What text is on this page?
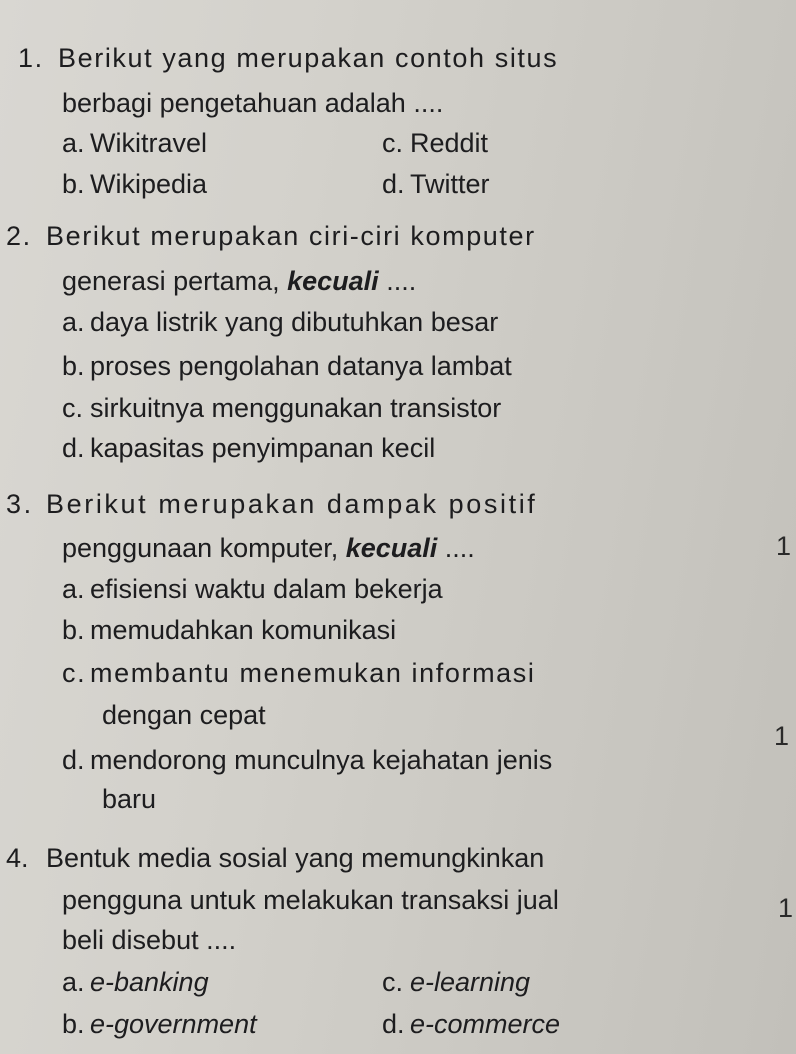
1. Berikut yang merupakan contoh situs
berbagi pengetahuan adalah ....
a. Wikitravel	c. Reddit
b. Wikipedia	d. Twitter
2. Berikut merupakan ciri-ciri komputer
generasi pertama, kecuali ....
a. daya listrik yang dibutuhkan besar
b. proses pengolahan datanya lambat
c. sirkuitnya menggunakan transistor
d. kapasitas penyimpanan kecil
3. Berikut merupakan dampak positif
penggunaan komputer, kecuali ....
a. efisiensi waktu dalam bekerja
b. memudahkan komunikasi
c. membantu menemukan informasi
dengan cepat
d. mendorong munculnya kejahatan jenis
baru
4. Bentuk media sosial yang memungkinkan
pengguna untuk melakukan transaksi jual
beli disebut ....
a. e-banking	c. e-learning
b. e-government	d. e-commerce
1
1
1
